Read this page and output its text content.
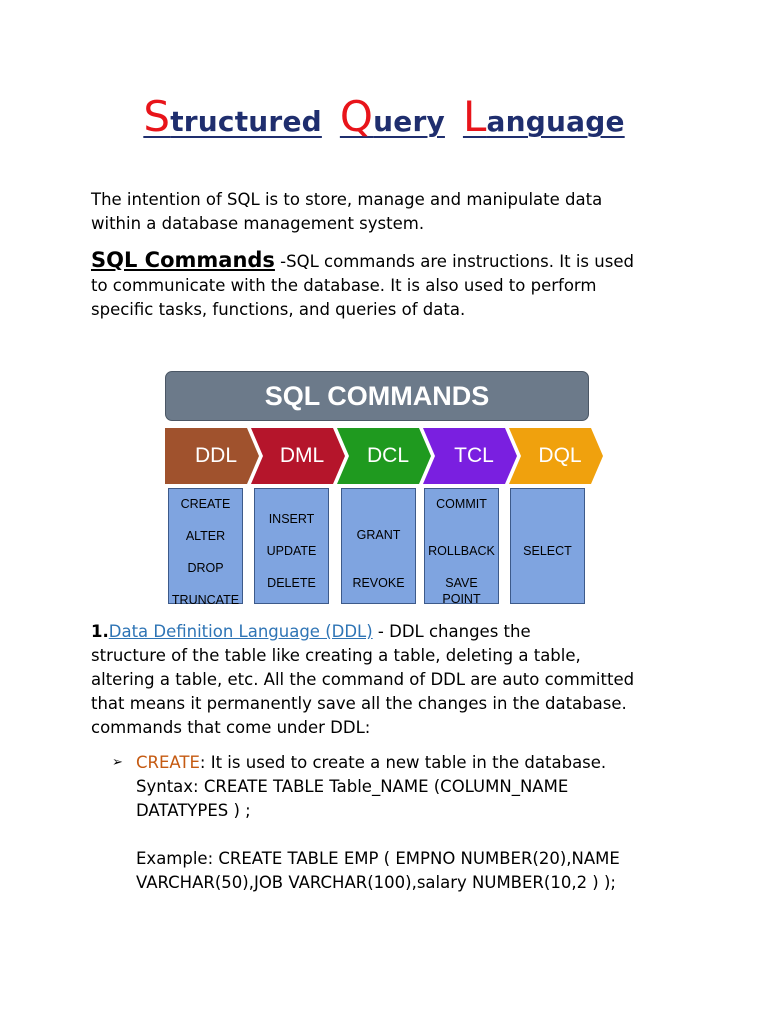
Structured Query Language
The intention of SQL is to store, manage and manipulate data
within a database management system.
SQL Commands -SQL commands are instructions. It is used
to communicate with the database. It is also used to perform
specific tasks, functions, and queries of data.
SQL COMMANDS
DDL
CREATE
ALTER
DROP
TRUNCATE
DML
INSERT
UPDATE
DELETE
DCL
GRANT
REVOKE
TCL
COMMIT
ROLLBACK
SAVE
POINT
DQL
SELECT
1.Data Definition Language (DDL) - DDL changes the
structure of the table like creating a table, deleting a table,
altering a table, etc. All the command of DDL are auto committed
that means it permanently save all the changes in the database.
commands that come under DDL:
➢ CREATE: It is used to create a new table in the database.
Syntax: CREATE TABLE Table_NAME (COLUMN_NAME
DATATYPES ) ;
Example: CREATE TABLE EMP ( EMPNO NUMBER(20),NAME
VARCHAR(50),JOB VARCHAR(100),salary NUMBER(10,2 ) );
